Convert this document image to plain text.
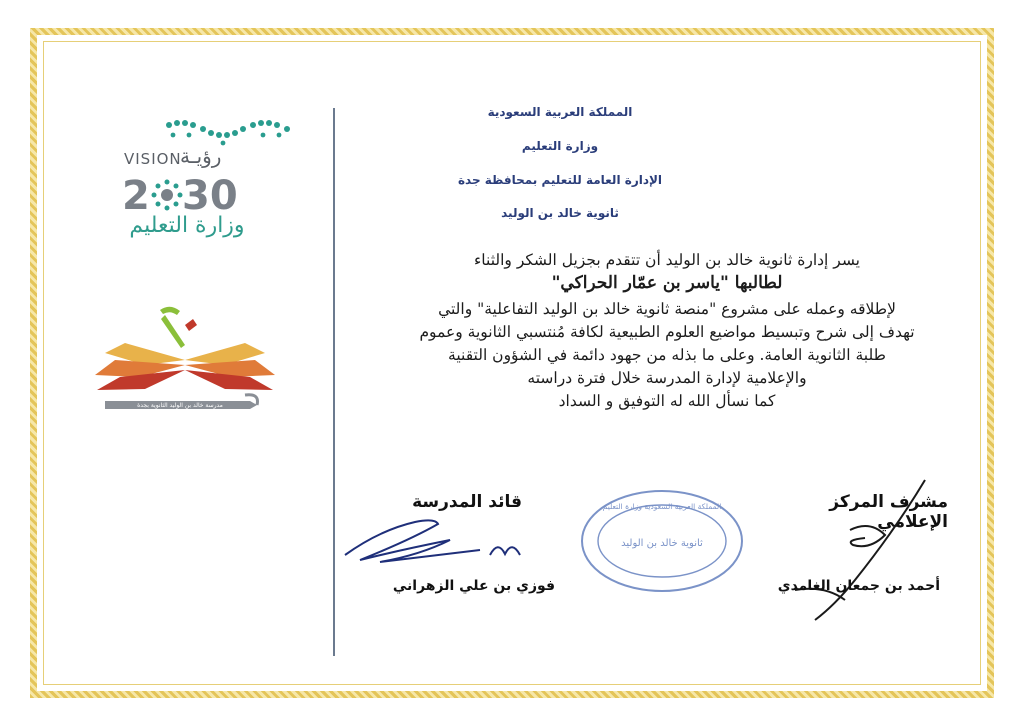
VISION
رؤيـة
2 30
وزارة التعليم
مدرسة خالد بن الوليد الثانوية بجدة
المملكة العربية السعودية
وزارة التعليم
الإدارة العامة للتعليم بمحافظة جدة
ثانوية خالد بن الوليد
يسر إدارة ثانوية خالد بن الوليد أن تتقدم بجزيل الشكر والثناء
لطالبها "ياسر بن عمّار الحراكي"
لإطلاقه وعمله على مشروع "منصة ثانوية خالد بن الوليد التفاعلية" والتي
تهدف إلى شرح وتبسيط مواضيع العلوم الطبيعية لكافة مُنتسبي الثانوية وعموم
طلبة الثانوية العامة. وعلى ما بذله من جهود دائمة في الشؤون التقنية
والإعلامية لإدارة المدرسة خلال فترة دراسته
كما نسأل الله له التوفيق و السداد
قائد المدرسة	مشرف المركز الإعلامي
المملكة العربية السعودية وزارة التعليم
ثانوية خالد بن الوليد
فوزي بن علي الزهراني	أحمد بن جمعان الغامدي
